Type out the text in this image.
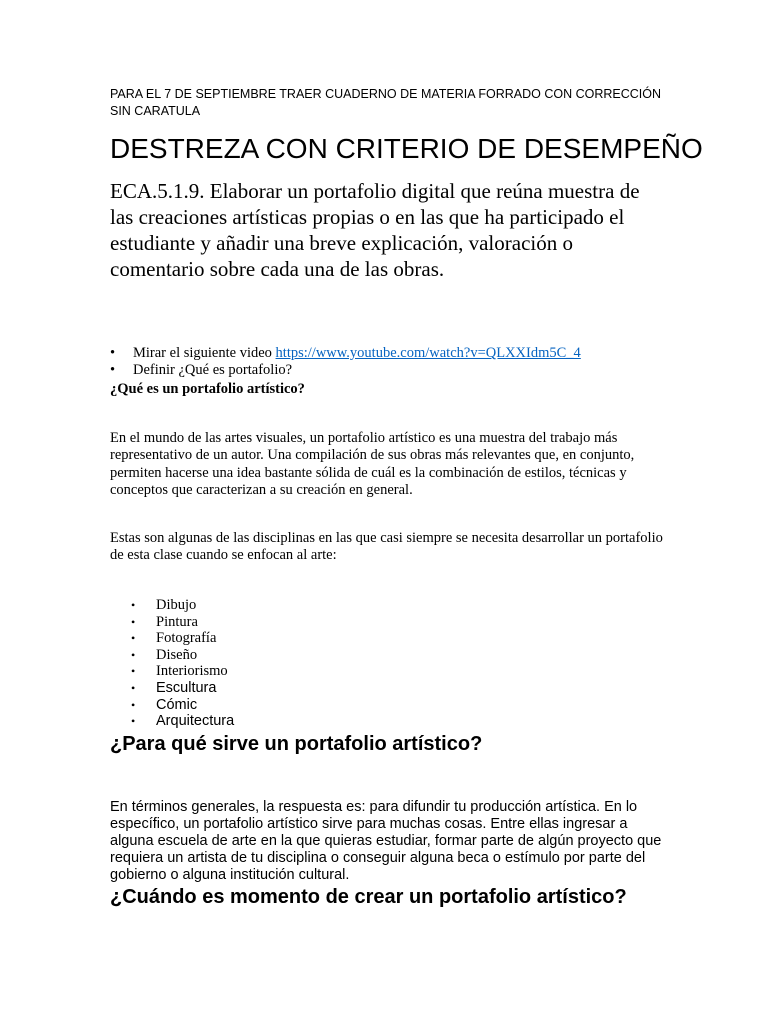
PARA EL 7 DE SEPTIEMBRE TRAER CUADERNO DE MATERIA FORRADO CON CORRECCIÓN SIN CARATULA

DESTREZA CON CRITERIO DE DESEMPEÑO

ECA.5.1.9. Elaborar un portafolio digital que reúna muestra de las creaciones artísticas propias o en las que ha participado el estudiante y añadir una breve explicación, valoración o comentario sobre cada una de las obras.

• Mirar el siguiente video https://www.youtube.com/watch?v=QLXXIdm5C_4
• Definir ¿Qué es portafolio?

¿Qué es un portafolio artístico?

En el mundo de las artes visuales, un portafolio artístico es una muestra del trabajo más representativo de un autor. Una compilación de sus obras más relevantes que, en conjunto, permiten hacerse una idea bastante sólida de cuál es la combinación de estilos, técnicas y conceptos que caracterizan a su creación en general.

Estas son algunas de las disciplinas en las que casi siempre se necesita desarrollar un portafolio de esta clase cuando se enfocan al arte:

• Dibujo
• Pintura
• Fotografía
• Diseño
• Interiorismo
• Escultura
• Cómic
• Arquitectura
¿Para qué sirve un portafolio artístico?

En términos generales, la respuesta es: para difundir tu producción artística. En lo específico, un portafolio artístico sirve para muchas cosas. Entre ellas ingresar a alguna escuela de arte en la que quieras estudiar, formar parte de algún proyecto que requiera un artista de tu disciplina o conseguir alguna beca o estímulo por parte del gobierno o alguna institución cultural.

¿Cuándo es momento de crear un portafolio artístico?
